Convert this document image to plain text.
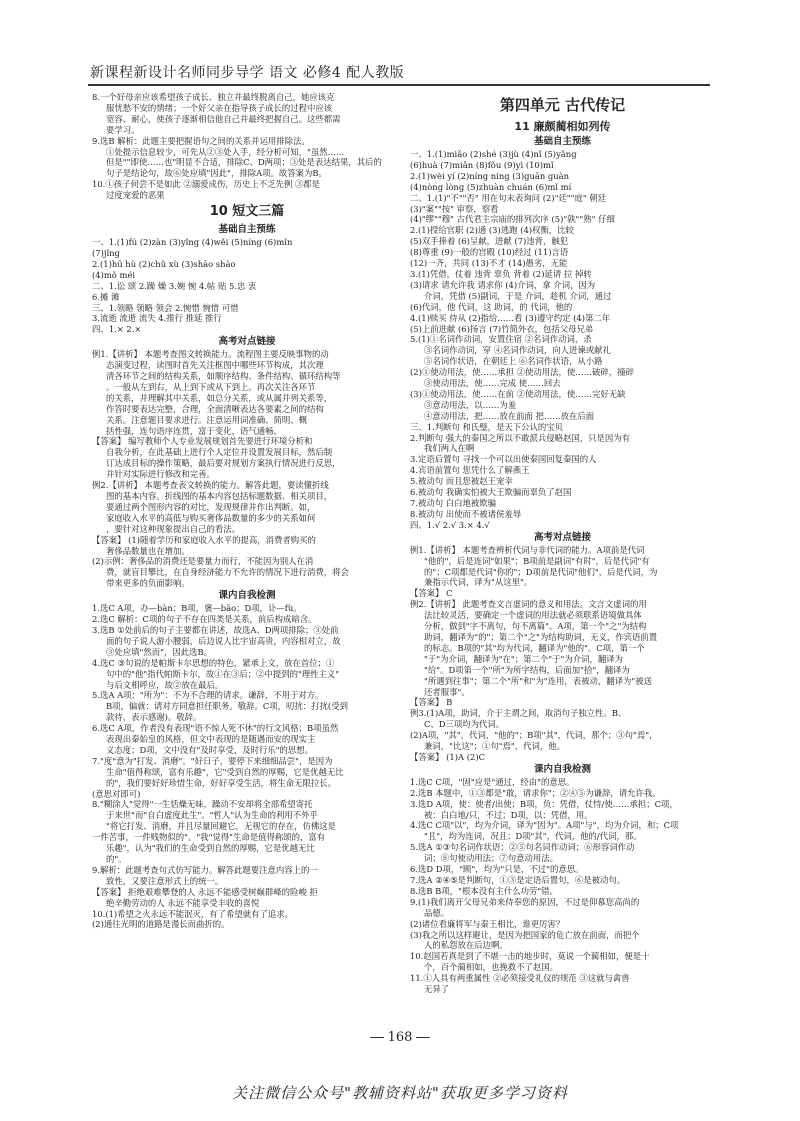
新课程新设计名师同步导学 语文 必修4 配人教版
8.一个好母亲应该希望孩子成长、独立并最终脱离自己，她应该克
服忧愁不安的情绪；一个好父亲在指导孩子成长的过程中应该
宽容、耐心，使孩子逐渐相信他自己并最终把握自己。这些都需
要学习。
9.选B 解析：此题主要把握语句之间的关系并运用排除法。
①处提示信息较少，可先从②③处入手，经分析可知，"虽然……
但是""即使……也"明显不合适，排除C、D两项；③处是表达结果，其后的
句子是结论句，故⑥处应填"因此"，排除A项。故答案为B。
10.①孩子何尝不是如此 ②溺爱成伤，历史上不乏先例 ③都是
过度宠爱的恶果
10 短文三篇
基础自主预练
一、1.(1)fú (2)zàn (3)yǐng (4)wěi (5)níng (6)mǐn
(7)jǐng
2.(1)hū hù (2)chǔ xù (3)shāo shào
(4)mǒ méi
二、1.讼 颂 2.躁 燥 3.婉 惋 4.帖 贴 5.忠 衷
6.摊 滩
三、1.领略 领略 领会 2.惋惜 惋惜 可惜
3.流逝 流逝 流失 4.推行 推延 推行
四、1.× 2.×
高考对点链接
例1.【讲析】 本题考查图文转换能力。流程图主要反映事物的动
态演变过程，读图时首先关注框图中哪些环节构成，其次理
清各环节之间的结构关系，如顺序结构、条件结构、循环结构等
。一般从左到右，从上到下或从下到上。再次关注各环节
的关系，并理解其中关系，如总分关系，或从属并列关系等，
作答时要表达完整，合理，全面清晰表达各要素之间的结构
关系。注意题目要求进行。注意运用词准确、简明、概
括性强，连句语序连贯，富于变化，语气通畅。
【答案】 编写教师个人专业发展规划首先要进行环境分析和
自我分析，在此基础上进行个人定位并设置发展目标，然后制
订达成目标的操作策略，最后要对规划方案执行情况进行反思，
并针对实际进行修改和完善。
例2.【讲析】 本题考查表文转换的能力。解答此题，要读懂折线
图的基本内容。折线图的基本内容包括标题数据、相关项目，
要通过两个图形内容的对比，发现规律并作出判断。如，
家庭收入水平的高低与购买奢侈品数量的多少的关系如何
，要针对这种现象提出自己的看法。
【答案】 (1)随着学历和家庭收入水平的提高，消费者购买的
奢侈品数量也在增加。
(2)示例：奢侈品的消费还是要量力而行，不能因为别人在消
费，就盲目攀比，在自身经济能力不允许的情况下进行消费，将会
带来更多的负面影响。
课内自我检测
1.选C A项，办—bàn；B项，褒—bāo；D项，讣—fù。
2.选C 解析：C项的句子不存在四类是关系，前后构成暗含。
3.选B ①处前后的句子主要都在讲述，故选A、D两项排除；③处前
面的句子说人游小腰弱，后边说人比宇宙高贵，内容相对立，故
③处应填"然而"，因此选B。
4.选C ③句说的是帕斯卡尔思想的特色，紧承上文，放在首位；①
句中的"他"指代帕斯卡尔，故①在③后；②中提到的"理性主义"
与后文相呼应，故②放在最后。
5.选A A项："所为"：不为不合理的请求。谦辞，不用于对方。
B项，偏就：请对方同意担任职务。敬辞。C项，叨扰：打扰(受到
款待，表示感谢)。敬辞。
6.选C A项，作者没有表现"语不惊人死不休"的行文风格；B项虽然
表现出秦始皇的风格，但文中表现的是随遇而安的现实主
义态度；D项，文中没有"及时享受，及时行乐"的思想。
7."度"意为"打发、消磨"。"好日子，要停下来细细品尝"，是因为
生命"值得称颂，富有乐趣"，它"受到自然的厚赐，它是优越无比
的"，我们要好好珍惜生命，好好享受生活，将生命无限拉长。
(意思对即可)
8."糊涂人"觉得"一生恬燥无味，躁动不安却将全部希望寄托
于来世"而"自白虚度此生"。"哲人"认为生命的利用不外乎
"将它打发、消磨，并且尽量回避它，无视它的存在，仿佛这是
一件苦事，一件贱物似的"。"我"觉得"生命是值得称颂的，富有
乐趣"，认为"我们的生命受到自然的厚赐，它是优越无比
的"。
9.解析：此题考查句式仿写能力。解答此题要注意内容上的一
致性，又要注意形式上的统一。
【答案】 拒绝艰难攀登的人 永远不能感受树巅群峰的险峻 拒
绝辛勤劳动的人 永远不能享受丰收的喜悦
10.(1)希望之火永远不能泯灭，有了希望就有了追求。
(2)通往光明的道路是漫长而曲折的。
第四单元 古代传记
11 廉颇蔺相如列传
基础自主预练
一、1.(1)miǎo (2)shé (3)jù (4)nǐ (5)yǎng
(6)huà (7)miǎn (8)fǒu (9)yì (10)mǐ
2.(1)wèi yí (2)níng níng (3)guān guàn
(4)nòng lòng (5)zhuàn chuán (6)mǐ mí
二、1.(1)"不""否" 用在句末表询问 (2)"廷""庭" 朝廷
(3)"案""按" 审察，察看
(4)"缪""穆" 古代君主宗庙的排列次序 (5)"孰""熟" 仔细
2.(1)授给官职 (2)通 (3)逃跑 (4)权衡，比较
(5)双手捧着 (6)呈献，进献 (7)违背，触犯
(8)尊重 (9)一般的宫殿 (10)经过 (11)言语
(12)一齐，共同 (13)不才 (14)愚劣，无能
3.(1)凭借，仗着 违背 辜负 背着 (2)延请 拉 掉转
(3)请求 请允许我 请求你 (4)介词，拿 介词，因为
介词，凭借 (5)副词，于是 介词，趁机 介词，通过
(6)代词，他 代词，这 助词，的 代词，他的
4.(1)赎买 侍从 (2)指给……看 (3)遵守约定 (4)第二年
(5)上前进献 (6)扬言 (7)竹简外衣，包括父母兄弟
5.(1)①名词作动词，安置住宿 ②名词作动词，杀
③名词作动词，穿 ④名词作动词，向人进谏或献礼
⑤名词作状语，在朝廷上 ⑥名词作状语，从小路
(2)①使动用法，使……承担 ②使动用法，使……破碎，撞碎
③使动用法，使……完成 使……回去
(3)①使动用法，使……在前 ②使动用法，使……完好无缺
③意动用法，以……为羞
④意动用法，把……放在前面 把……放在后面
三、1.判断句 和氏璧，是天下公认的宝贝
2.判断句 强大的秦国之所以不敢派兵侵略赵国，只是因为有
我们两人在啊
3.定语后置句 寻找一个可以出使秦国回复秦国的人
4.宾语前置句 您凭什么了解燕王
5.被动句 而且您被赵王宠幸
6.被动句 我确实怕被大王欺骗而辜负了赵国
7.被动句 白白地被欺骗
8.被动句 出使而不被诸侯羞辱
四、1.√ 2.√ 3.× 4.√
高考对点链接
例1.【讲析】 本题考查辨析代词与非代词的能力。A项前是代词
"他的"，后是连词"如果"；B项前是副词"有时"，后是代词"有
的"；C项都是代词"你的"；D项前是代词"他们"，后是代词，为
兼指示代词，译为"从这里"。
【答案】 C
例2.【讲析】 此题考查文言虚词的意义和用法。文言文虚词的用
法比较灵活，要确定一个虚词的用法就必须联系语境做具体
分析，做到"字不离句，句不离篇"。A项，第一个"之"为结构
助词，翻译为"的"；第二个"之"为结构助词，无义，作宾语前置
的标志。B项的"其"均为代词，翻译为"他的"。C项，第一个
"于"为介词，翻译为"在"；第二个"于"为介词，翻译为
"给"。D项第一个"所"为所字结构，后面加"拾"，翻译为
"所遇到往事"；第二个"所"和"为"连用，表被动，翻译为"被送
还者服事"。
【答案】 B
例3.(1)A项，助词，介于主谓之间，取消句子独立性。B、
C、D三项均为代词。
(2)A项，"其"，代词，"他的"；B项"其"，代词，那个；③句"焉"，
兼词，"比这"；①句"焉"，代词，他。
【答案】 (1)A (2)C
课内自我检测
1.选C C项，"固"应是"通过，经由"的意思。
2.选B 本题中，①③都是"敢，请求你"；②④⑤为谦辞，请允许我。
3.选D A项，使：使者/出使；B项，负：凭借，仗恃/使……承担；C项，
被：白白地/只，不过；D项，以：凭借，用。
4.选C C项"以"，均为介词，译为"因为"。A项"与"，均为介词，和；C项
"且"，均为连词，况且；D项"其"，代词，他的/代词，那。
5.选A ①③句名词作状语；②⑤句名词作动词；⑥形容词作动
词；⑧句使动用法；⑦句意动用法。
6.选D D项，"顾"，均为"只是，不过"的意思。
7.选A ②④⑤是判断句，①③是定语后置句，⑥是被动句。
8.选B B项，"根本没有主什么功劳"错。
9.(1)我们离开父母兄弟来侍奉您的原因，不过是仰慕您高尚的
品德。
(2)诸位看廉将军与秦王相比，谁更厉害？
(3)我之所以这样避让，是因为把国家的危亡放在前面，而把个
人的私怨放在后边啊。
10.赵国若真是到了不堪一击的地步时，莫说一个蔺相如，便是十
个，百个蔺相如，也挽救不了赵国。
11.①人具有两重属性 ②必须接受礼仪的规范 ③这就与禽兽
无异了
168
关注微信公众号"教辅资料站"获取更多学习资料
